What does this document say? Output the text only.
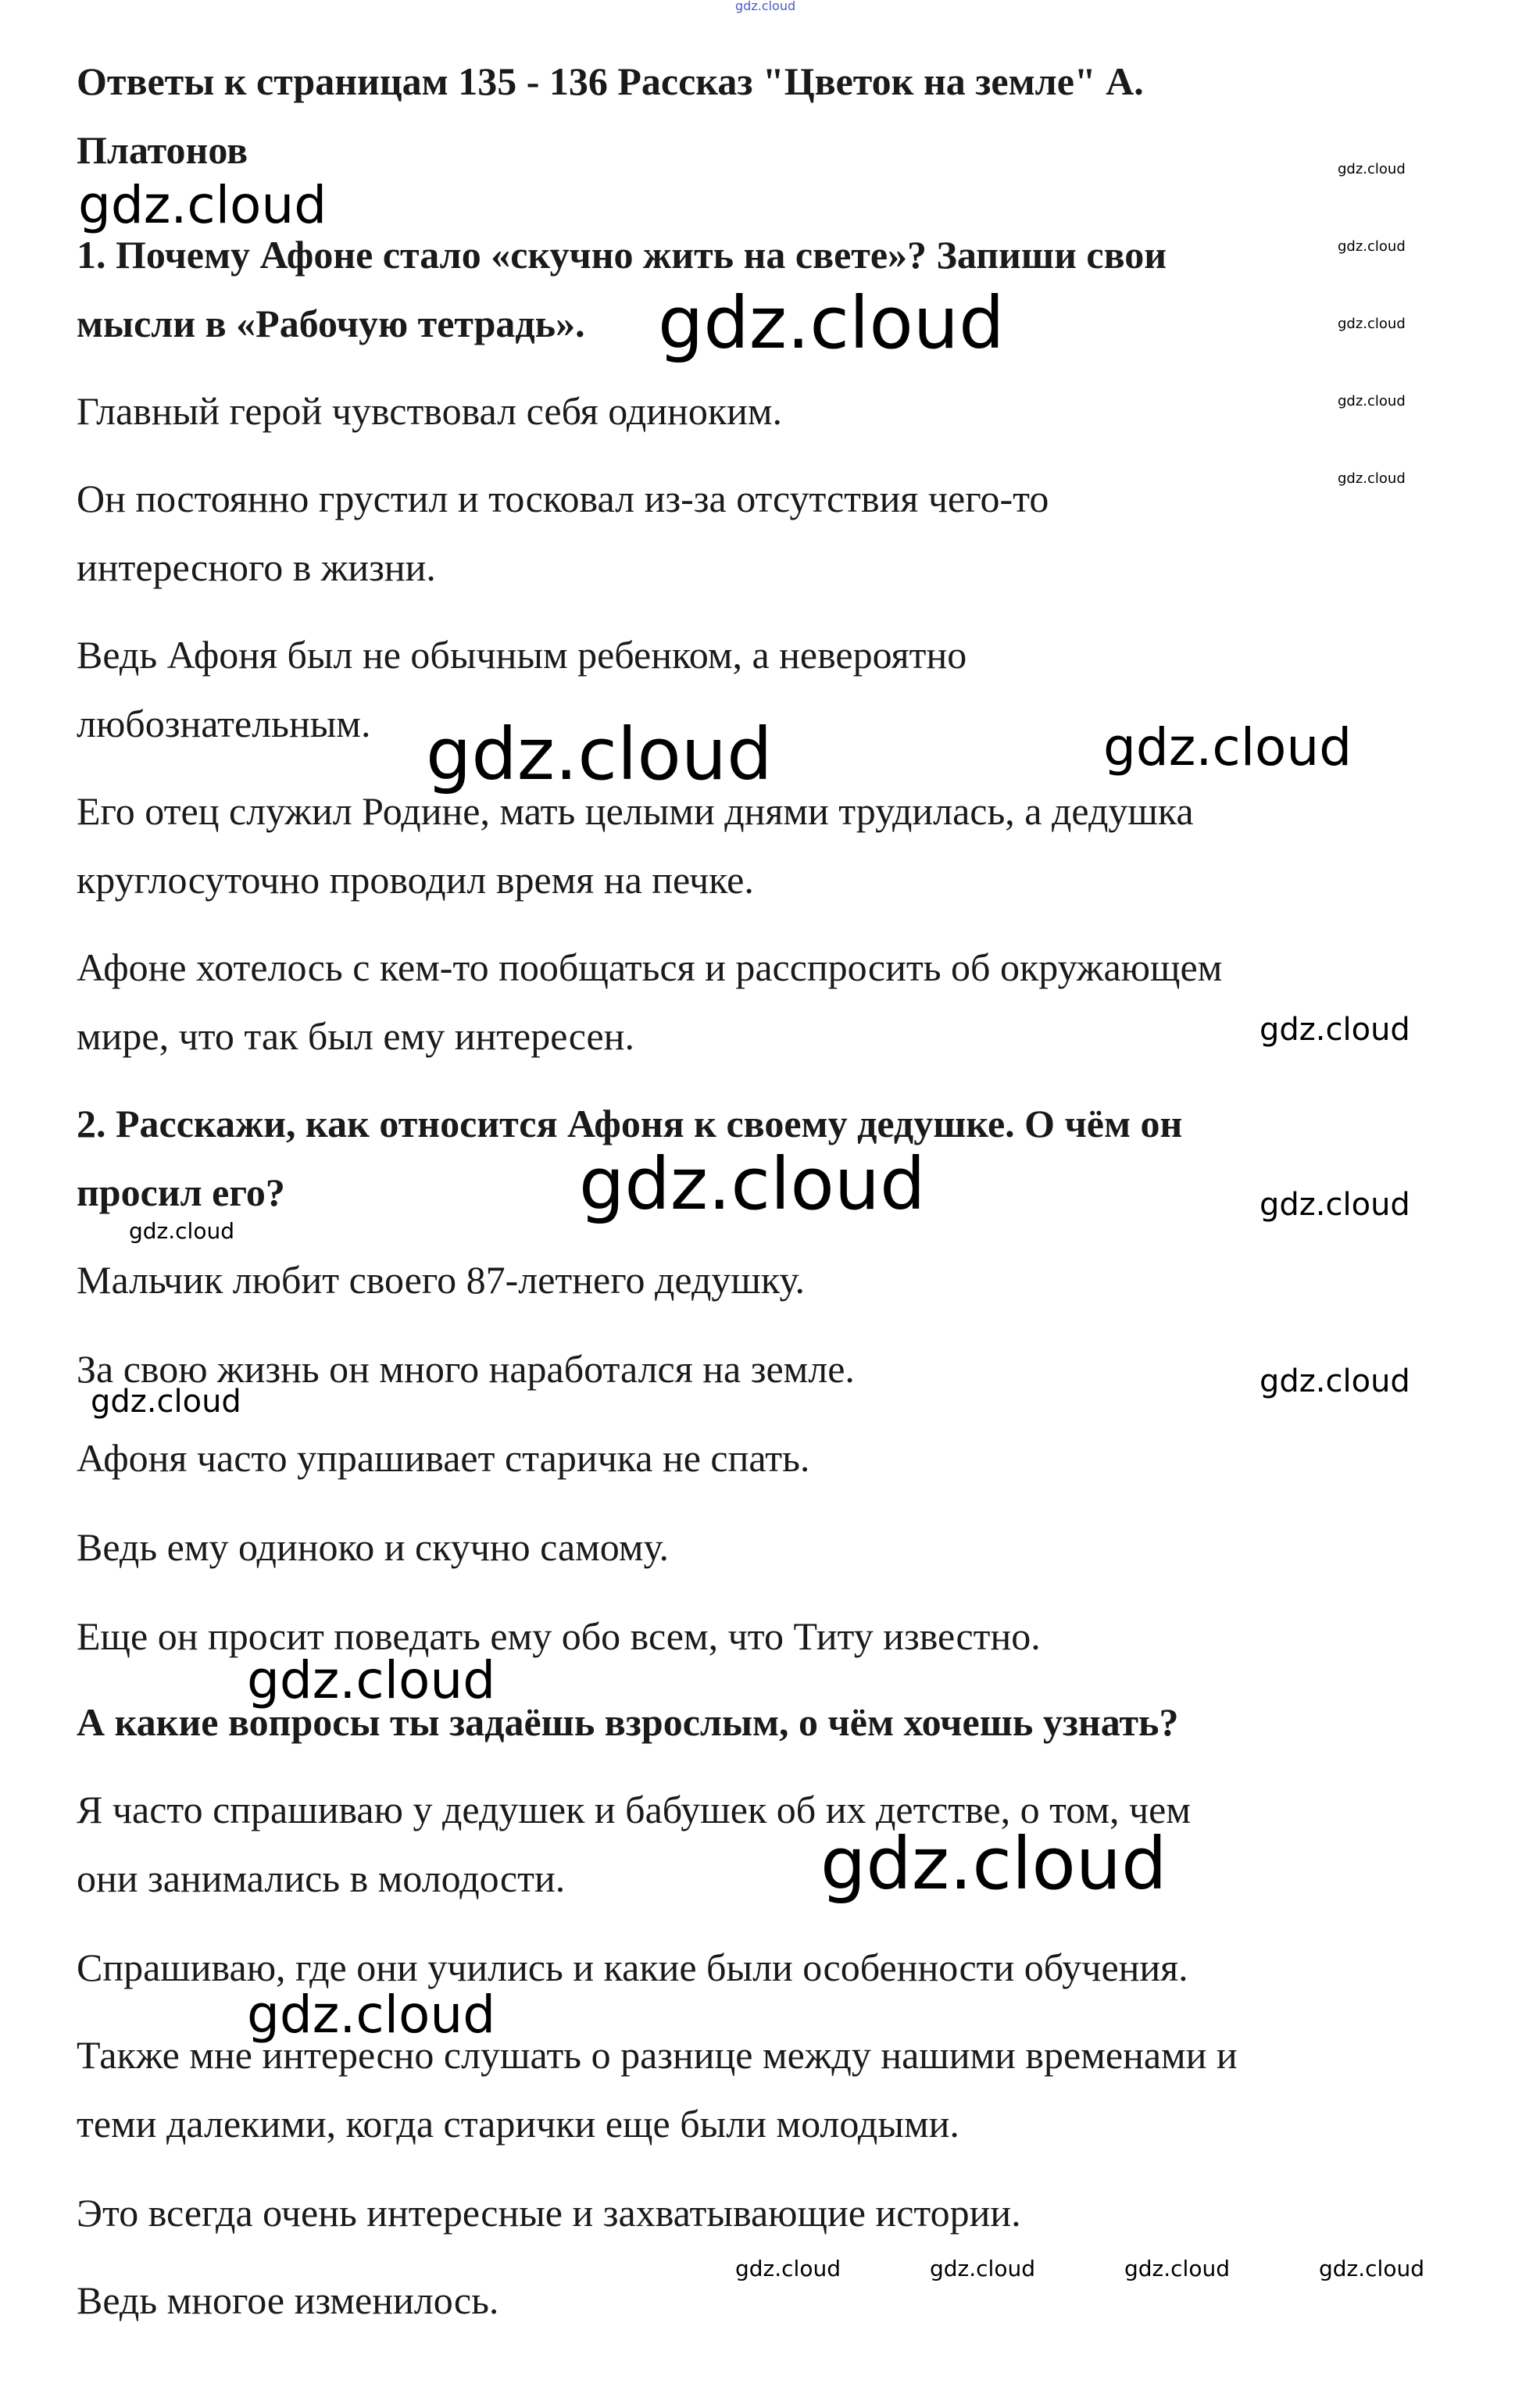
Ответы к страницам 135 - 136 Рассказ "Цветок на земле" А.

Платонов

1. Почему Афоне стало «скучно жить на свете»? Запиши свои

мысли в «Рабочую тетрадь».

Главный герой чувствовал себя одиноким.

Он постоянно грустил и тосковал из-за отсутствия чего-то

интересного в жизни.

Ведь Афоня был не обычным ребенком, а невероятно

любознательным.

Его отец служил Родине, мать целыми днями трудилась, а дедушка

круглосуточно проводил время на печке.

Афоне хотелось с кем-то пообщаться и расспросить об окружающем

мире, что так был ему интересен.

2. Расскажи, как относится Афоня к своему дедушке. О чём он

просил его?

Мальчик любит своего 87-летнего дедушку.

За свою жизнь он много наработался на земле.

Афоня часто упрашивает старичка не спать.

Ведь ему одиноко и скучно самому.

Еще он просит поведать ему обо всем, что Титу известно.

А какие вопросы ты задаёшь взрослым, о чём хочешь узнать?

Я часто спрашиваю у дедушек и бабушек об их детстве, о том, чем

они занимались в молодости.

Спрашиваю, где они учились и какие были особенности обучения.

Также мне интересно слушать о разнице между нашими временами и

теми далекими, когда старички еще были молодыми.

Это всегда очень интересные и захватывающие истории.

Ведь многое изменилось.

gdz.cloud
gdz.cloud
gdz.cloud
gdz.cloud
gdz.cloud
gdz.cloud
gdz.cloud
gdz.cloud
gdz.cloud	gdz.cloud
gdz.cloud
gdz.cloud	gdz.cloud
gdz.cloud
gdz.cloud
gdz.cloud
gdz.cloud
gdz.cloud
gdz.cloud
gdz.cloud	gdz.cloud	gdz.cloud	gdz.cloud
